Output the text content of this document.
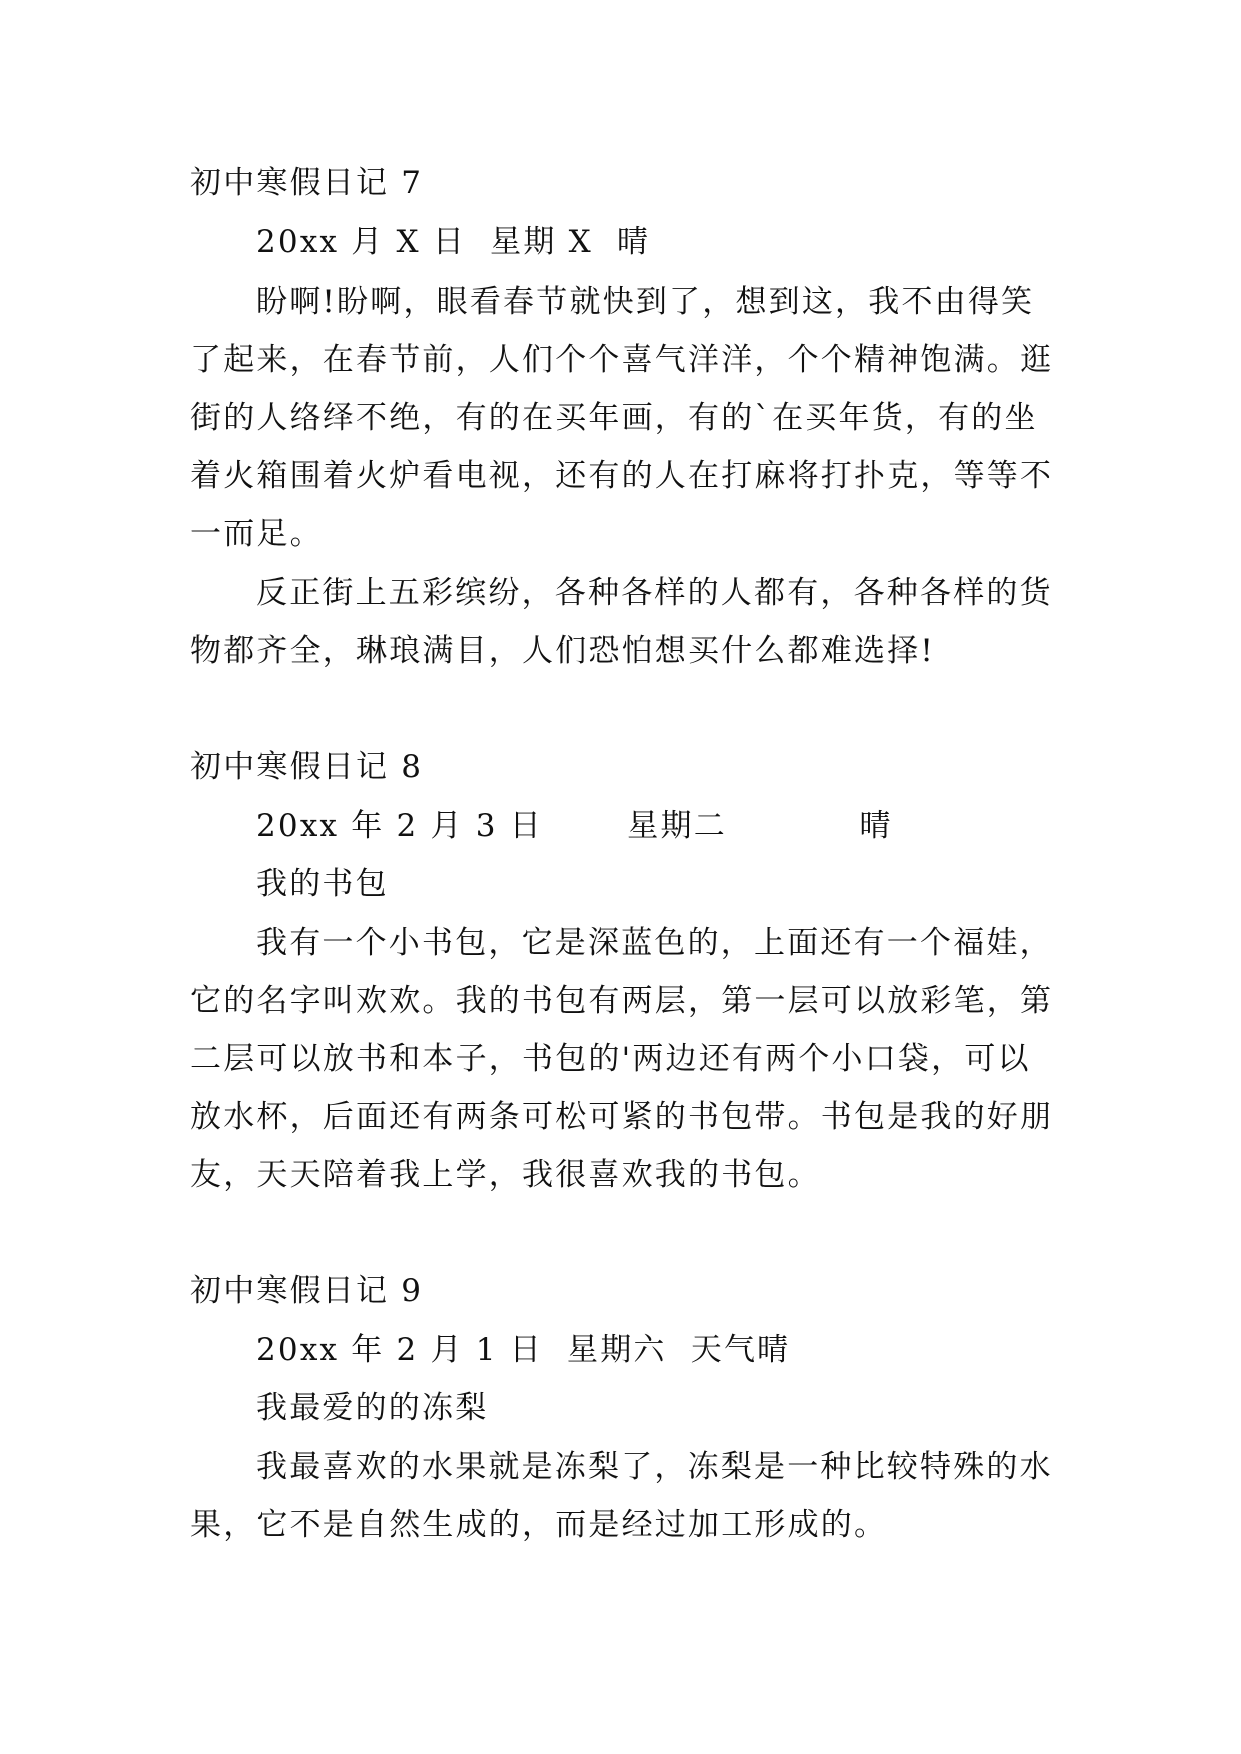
初中寒假日记 7
20xx 月 X 日  星期 X  晴
盼啊!盼啊，眼看春节就快到了，想到这，我不由得笑
了起来，在春节前，人们个个喜气洋洋，个个精神饱满。逛
街的人络绎不绝，有的在买年画，有的`在买年货，有的坐
着火箱围着火炉看电视，还有的人在打麻将打扑克，等等不
一而足。
反正街上五彩缤纷，各种各样的人都有，各种各样的货
物都齐全，琳琅满目，人们恐怕想买什么都难选择!
初中寒假日记 8
20xx 年 2 月 3 日       星期二           晴
我的书包
我有一个小书包，它是深蓝色的，上面还有一个福娃，
它的名字叫欢欢。我的书包有两层，第一层可以放彩笔，第
二层可以放书和本子，书包的'两边还有两个小口袋，可以
放水杯，后面还有两条可松可紧的书包带。书包是我的好朋
友，天天陪着我上学，我很喜欢我的书包。
初中寒假日记 9
20xx 年 2 月 1 日  星期六  天气晴
我最爱的的冻梨
我最喜欢的水果就是冻梨了，冻梨是一种比较特殊的水
果，它不是自然生成的，而是经过加工形成的。
